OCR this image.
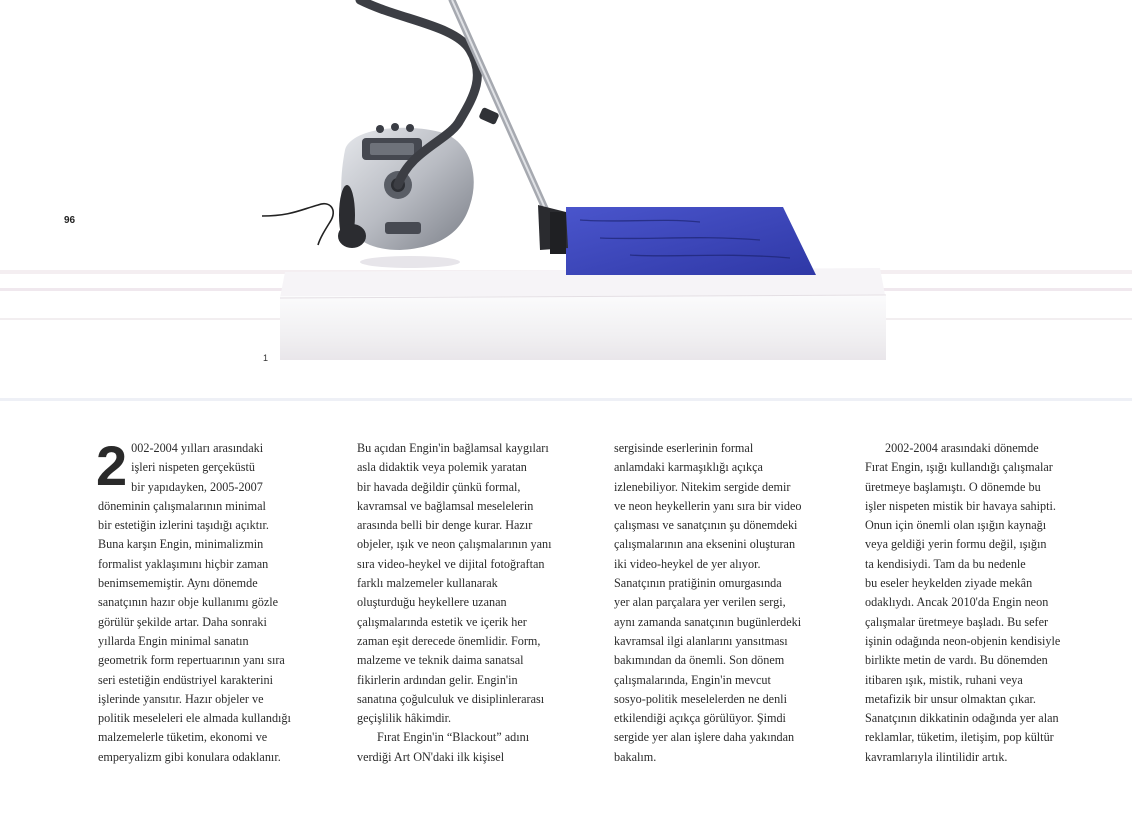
96
1

2 002-2004 yılları arasındaki
işleri nispeten gerçeküstü
bir yapıdayken, 2005-2007
döneminin çalışmalarının minimal
bir estetiğin izlerini taşıdığı açıktır.
Buna karşın Engin, minimalizmin
formalist yaklaşımını hiçbir zaman
benimsememiştir. Aynı dönemde
sanatçının hazır obje kullanımı gözle
görülür şekilde artar. Daha sonraki
yıllarda Engin minimal sanatın
geometrik form repertuarının yanı sıra
seri estetiğin endüstriyel karakterini
işlerinde yansıtır. Hazır objeler ve
politik meseleleri ele almada kullandığı
malzemelerle tüketim, ekonomi ve
emperyalizm gibi konulara odaklanır.

Bu açıdan Engin'in bağlamsal kaygıları
asla didaktik veya polemik yaratan
bir havada değildir çünkü formal,
kavramsal ve bağlamsal meselelerin
arasında belli bir denge kurar. Hazır
objeler, ışık ve neon çalışmalarının yanı
sıra video-heykel ve dijital fotoğraftan
farklı malzemeler kullanarak
oluşturduğu heykellere uzanan
çalışmalarında estetik ve içerik her
zaman eşit derecede önemlidir. Form,
malzeme ve teknik daima sanatsal
fikirlerin ardından gelir. Engin'in
sanatına çoğulculuk ve disiplinlerarası
geçişlilik hâkimdir.

Fırat Engin'in “Blackout” adını
verdiği Art ON'daki ilk kişisel

sergisinde eserlerinin formal
anlamdaki karmaşıklığı açıkça
izlenebiliyor. Nitekim sergide demir
ve neon heykellerin yanı sıra bir video
çalışması ve sanatçının şu dönemdeki
çalışmalarının ana eksenini oluşturan
iki video-heykel de yer alıyor.
Sanatçının pratiğinin omurgasında
yer alan parçalara yer verilen sergi,
aynı zamanda sanatçının bugünlerdeki
kavramsal ilgi alanlarını yansıtması
bakımından da önemli. Son dönem
çalışmalarında, Engin'in mevcut
sosyo-politik meselelerden ne denli
etkilendiği açıkça görülüyor. Şimdi
sergide yer alan işlere daha yakından
bakalım.

2002-2004 arasındaki dönemde
Fırat Engin, ışığı kullandığı çalışmalar
üretmeye başlamıştı. O dönemde bu
işler nispeten mistik bir havaya sahipti.
Onun için önemli olan ışığın kaynağı
veya geldiği yerin formu değil, ışığın
ta kendisiydi. Tam da bu nedenle
bu eseler heykelden ziyade mekân
odaklıydı. Ancak 2010'da Engin neon
çalışmalar üretmeye başladı. Bu sefer
işinin odağında neon-objenin kendisiyle
birlikte metin de vardı. Bu dönemden
itibaren ışık, mistik, ruhani veya
metafizik bir unsur olmaktan çıkar.
Sanatçının dikkatinin odağında yer alan
reklamlar, tüketim, iletişim, pop kültür
kavramlarıyla ilintilidir artık.
